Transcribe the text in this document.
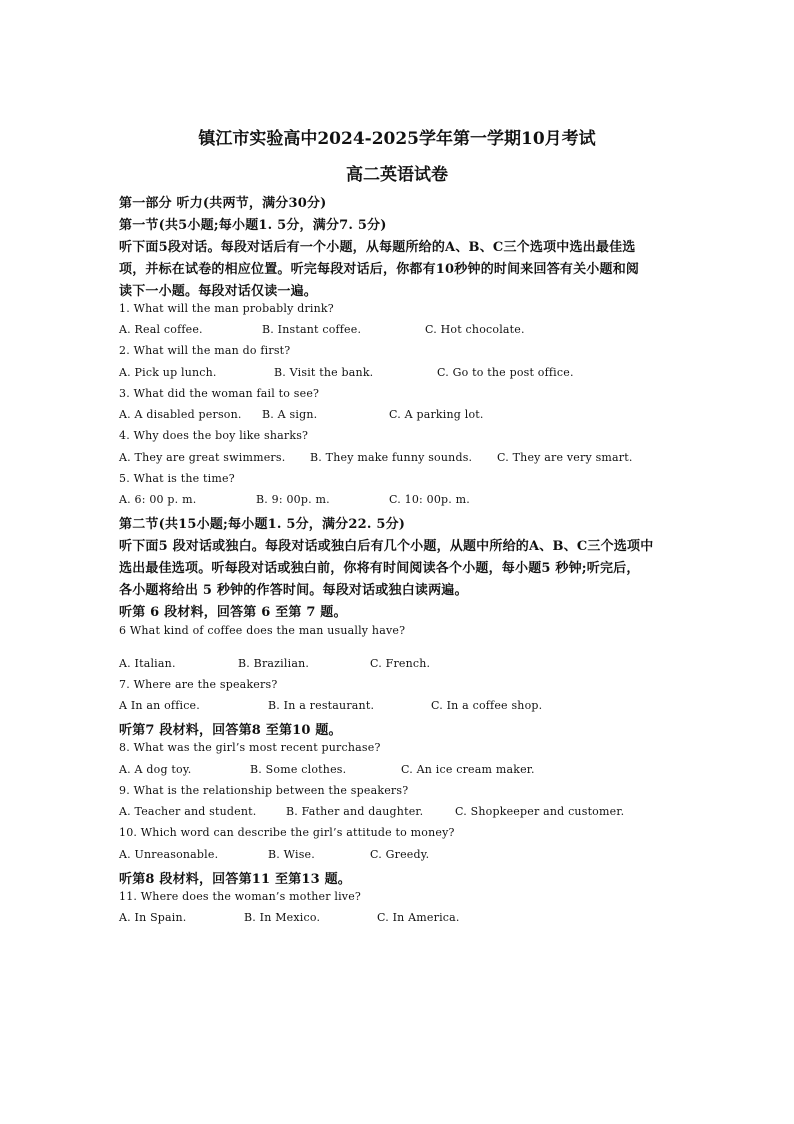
镇江市实验高中2024-2025学年第一学期10月考试
高二英语试卷
第一部分 听力(共两节，满分30分)
第一节(共5小题;每小题1. 5分，满分7. 5分)
听下面5段对话。每段对话后有一个小题，从每题所给的A、B、C三个选项中选出最佳选
项，并标在试卷的相应位置。听完每段对话后，你都有10秒钟的时间来回答有关小题和阅
读下一小题。每段对话仅读一遍。
1. What will the man probably drink?
A. Real coffee.	B. Instant coffee.	C. Hot chocolate.
2. What will the man do first?
A. Pick up lunch.	B. Visit the bank.	C. Go to the post office.
3. What did the woman fail to see?
A. A disabled person. B. A sign.	C. A parking lot.
4. Why does the boy like sharks?
A. They are great swimmers. B. They make funny sounds. C. They are very smart.
5. What is the time?
A. 6: 00 p. m.	B. 9: 00p. m.	C. 10: 00p. m.
第二节(共15小题;每小题1. 5分，满分22. 5分)
听下面5 段对话或独白。每段对话或独白后有几个小题，从题中所给的A、B、C三个选项中
选出最佳选项。听每段对话或独白前，你将有时间阅读各个小题，每小题5 秒钟;听完后，
各小题将给出 5 秒钟的作答时间。每段对话或独白读两遍。
听第 6 段材料，回答第 6 至第 7 题。
6 What kind of coffee does the man usually have?
A. Italian.	B. Brazilian.	C. French.
7. Where are the speakers?
A In an office.	B. In a restaurant.	C. In a coffee shop.
听第7 段材料，回答第8 至第10 题。
8. What was the girl’s most recent purchase?
A. A dog toy.	B. Some clothes.	C. An ice cream maker.
9. What is the relationship between the speakers?
A. Teacher and student.	B. Father and daughter.	C. Shopkeeper and customer.
10. Which word can describe the girl’s attitude to money?
A. Unreasonable.	B. Wise.	C. Greedy.
听第8 段材料，回答第11 至第13 题。
11. Where does the woman’s mother live?
A. In Spain.	B. In Mexico.	C. In America.
